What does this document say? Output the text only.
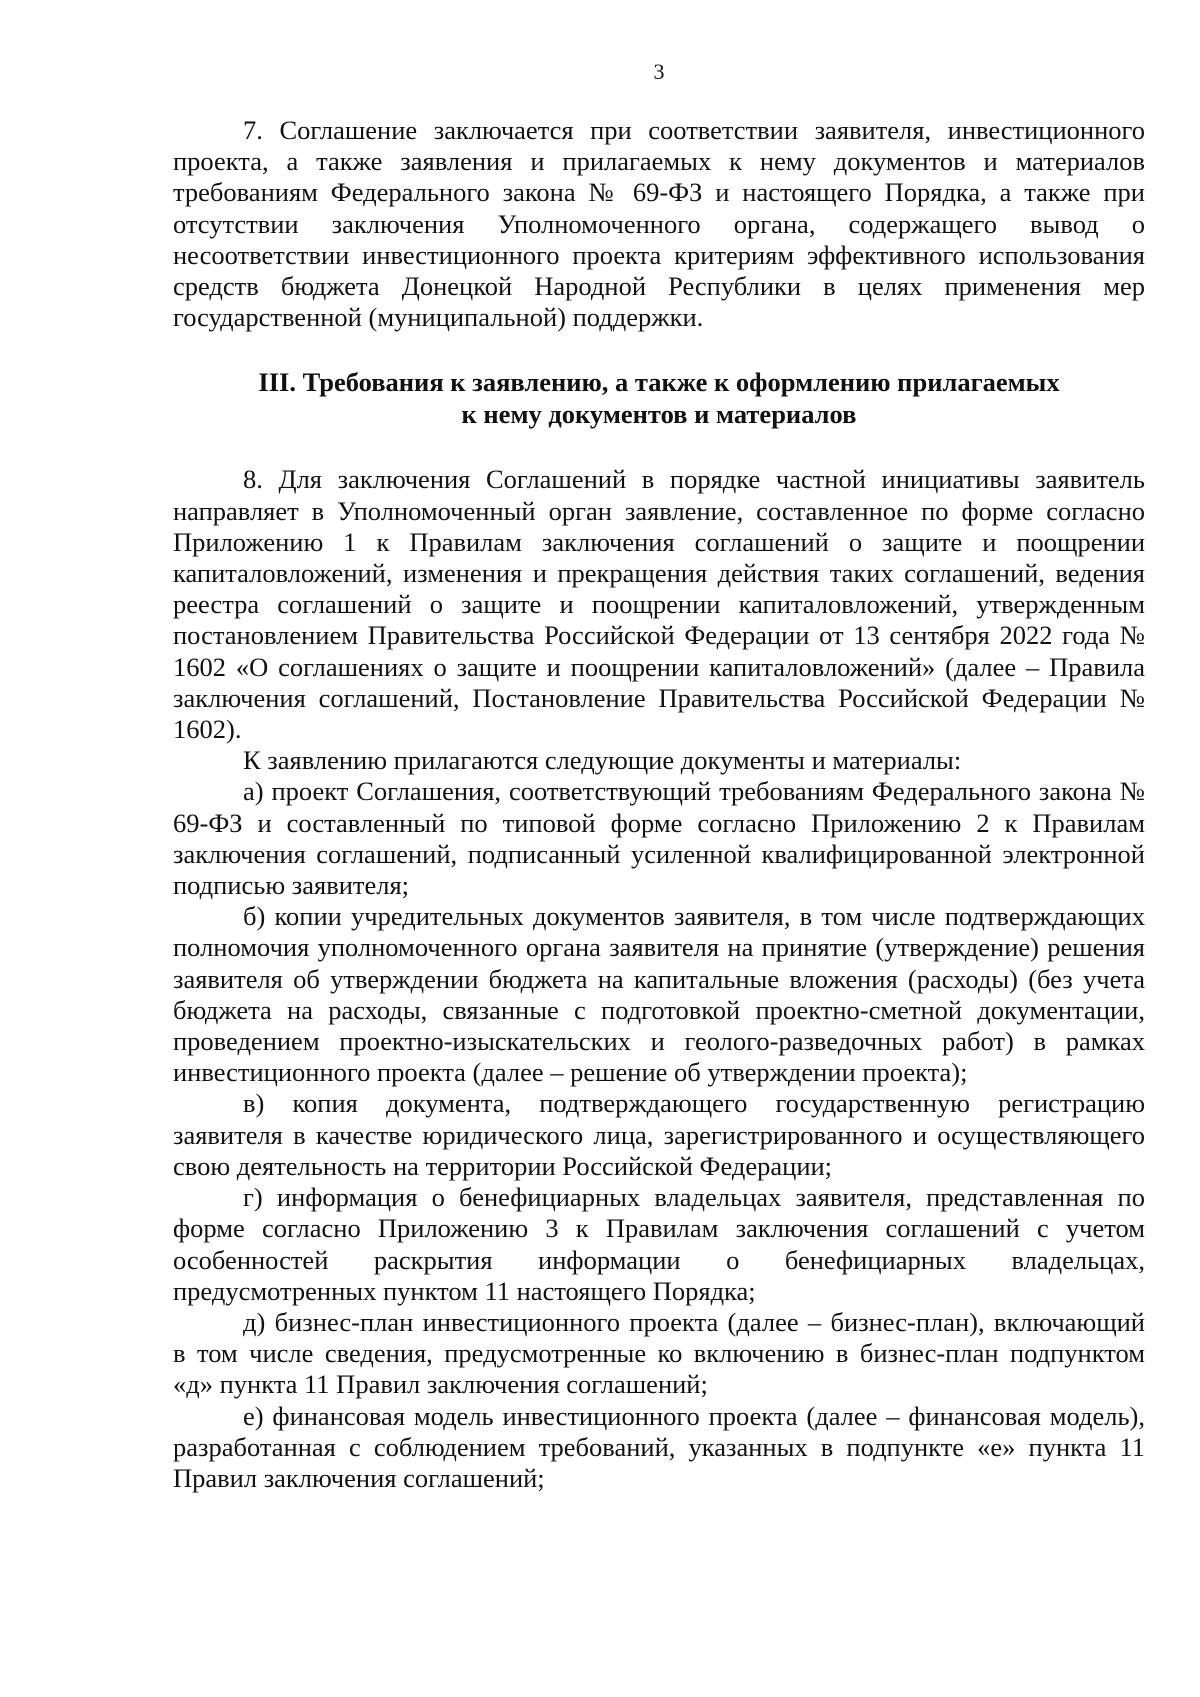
3

7. Соглашение заключается при соответствии заявителя, инвестиционного проекта, а также заявления и прилагаемых к нему документов и материалов требованиям Федерального закона № 69-ФЗ и настоящего Порядка, а также при отсутствии заключения Уполномоченного органа, содержащего вывод о несоответствии инвестиционного проекта критериям эффективного использования средств бюджета Донецкой Народной Республики в целях применения мер государственной (муниципальной) поддержки.

III. Требования к заявлению, а также к оформлению прилагаемых
к нему документов и материалов

8. Для заключения Соглашений в порядке частной инициативы заявитель направляет в Уполномоченный орган заявление, составленное по форме согласно Приложению 1 к Правилам заключения соглашений о защите и поощрении капиталовложений, изменения и прекращения действия таких соглашений, ведения реестра соглашений о защите и поощрении капиталовложений, утвержденным постановлением Правительства Российской Федерации от 13 сентября 2022 года № 1602 «О соглашениях о защите и поощрении капиталовложений» (далее – Правила заключения соглашений, Постановление Правительства Российской Федерации № 1602).

К заявлению прилагаются следующие документы и материалы:

а) проект Соглашения, соответствующий требованиям Федерального закона № 69-ФЗ и составленный по типовой форме согласно Приложению 2 к Правилам заключения соглашений, подписанный усиленной квалифицированной электронной подписью заявителя;

б) копии учредительных документов заявителя, в том числе подтверждающих полномочия уполномоченного органа заявителя на принятие (утверждение) решения заявителя об утверждении бюджета на капитальные вложения (расходы) (без учета бюджета на расходы, связанные с подготовкой проектно-сметной документации, проведением проектно-изыскательских и геолого-разведочных работ) в рамках инвестиционного проекта (далее – решение об утверждении проекта);

в) копия документа, подтверждающего государственную регистрацию заявителя в качестве юридического лица, зарегистрированного и осуществляющего свою деятельность на территории Российской Федерации;

г) информация о бенефициарных владельцах заявителя, представленная по форме согласно Приложению 3 к Правилам заключения соглашений с учетом особенностей раскрытия информации о бенефициарных владельцах, предусмотренных пунктом 11 настоящего Порядка;

д) бизнес-план инвестиционного проекта (далее – бизнес-план), включающий в том числе сведения, предусмотренные ко включению в бизнес-план подпунктом «д» пункта 11 Правил заключения соглашений;

е) финансовая модель инвестиционного проекта (далее – финансовая модель), разработанная с соблюдением требований, указанных в подпункте «е» пункта 11 Правил заключения соглашений;
